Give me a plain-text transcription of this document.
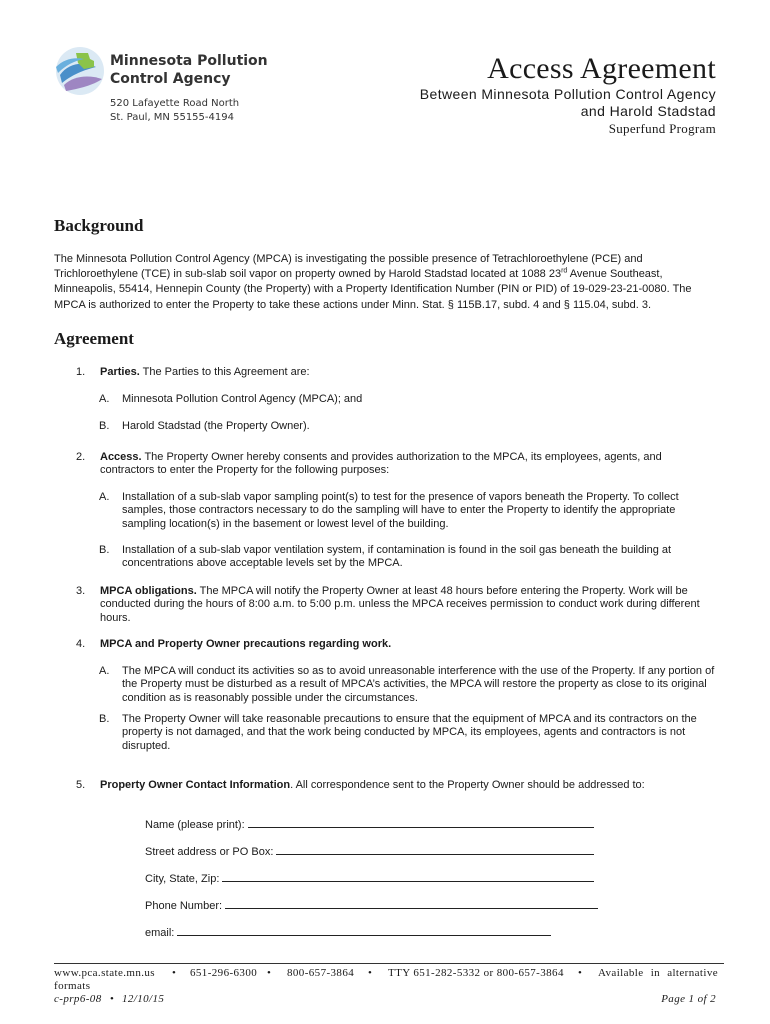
Minnesota Pollution
Control Agency
520 Lafayette Road North
St. Paul, MN 55155-4194
Access Agreement
Between Minnesota Pollution Control Agency
and Harold Stadstad
Superfund Program
Background
The Minnesota Pollution Control Agency (MPCA) is investigating the possible presence of Tetrachloroethylene (PCE) and Trichloroethylene (TCE) in sub-slab soil vapor on property owned by Harold Stadstad located at 1088 23rd Avenue Southeast, Minneapolis, 55414, Hennepin County (the Property) with a Property Identification Number (PIN or PID) of 19-029-23-21-0080. The MPCA is authorized to enter the Property to take these actions under Minn. Stat. § 115B.17, subd. 4 and § 115.04, subd. 3.
Agreement
1. Parties. The Parties to this Agreement are:
A. Minnesota Pollution Control Agency (MPCA); and
B. Harold Stadstad (the Property Owner).
2. Access. The Property Owner hereby consents and provides authorization to the MPCA, its employees, agents, and contractors to enter the Property for the following purposes:
A. Installation of a sub-slab vapor sampling point(s) to test for the presence of vapors beneath the Property. To collect samples, those contractors necessary to do the sampling will have to enter the Property to identify the appropriate sampling location(s) in the basement or lowest level of the building.
B. Installation of a sub-slab vapor ventilation system, if contamination is found in the soil gas beneath the building at concentrations above acceptable levels set by the MPCA.
3. MPCA obligations. The MPCA will notify the Property Owner at least 48 hours before entering the Property. Work will be conducted during the hours of 8:00 a.m. to 5:00 p.m. unless the MPCA receives permission to conduct work during different hours.
4. MPCA and Property Owner precautions regarding work.
A. The MPCA will conduct its activities so as to avoid unreasonable interference with the use of the Property. If any portion of the Property must be disturbed as a result of MPCA’s activities, the MPCA will restore the property as close to its original condition as is reasonably possible under the circumstances.
B. The Property Owner will take reasonable precautions to ensure that the equipment of MPCA and its contractors on the property is not damaged, and that the work being conducted by MPCA, its employees, agents and contractors is not disrupted.
5. Property Owner Contact Information. All correspondence sent to the Property Owner should be addressed to:
Name (please print):
Street address or PO Box:
City, State, Zip:
Phone Number:
email:
www.pca.state.mn.us • 651-296-6300 • 800-657-3864 • TTY 651-282-5332 or 800-657-3864 •	Available in alternative formats
c-prp6-08 • 12/10/15	Page 1 of 2
